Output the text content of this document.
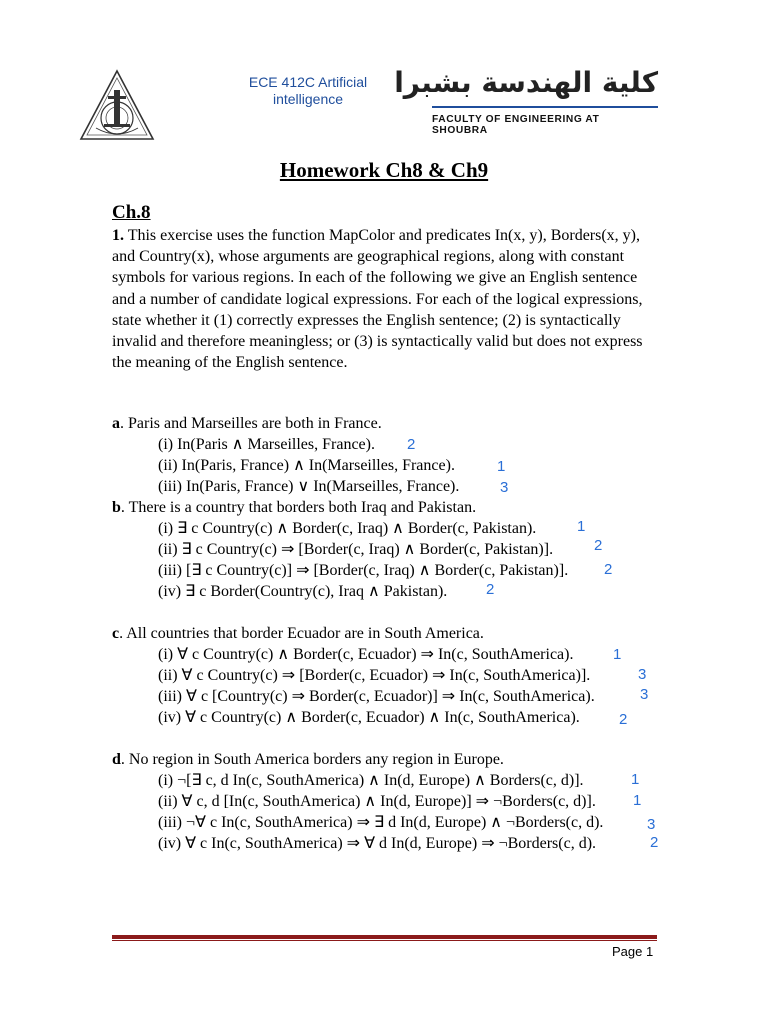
ECE 412C Artificial
intelligence	كلية الهندسة بشبرا
FACULTY OF ENGINEERING AT SHOUBRA
Homework Ch8 & Ch9
Ch.8
1. This exercise uses the function MapColor and predicates In(x, y), Borders(x, y), and Country(x), whose arguments are geographical regions, along with constant symbols for various regions. In each of the following we give an English sentence and a number of candidate logical expressions. For each of the logical expressions, state whether it (1) correctly expresses the English sentence; (2) is syntactically invalid and therefore meaningless; or (3) is syntactically valid but does not express the meaning of the English sentence.
a. Paris and Marseilles are both in France.
(i) In(Paris ∧ Marseilles, France). 2
(ii) In(Paris, France) ∧ In(Marseilles, France).	1
(iii) In(Paris, France) ∨ In(Marseilles, France).	3
b. There is a country that borders both Iraq and Pakistan.
(i) ∃ c Country(c) ∧ Border(c, Iraq) ∧ Border(c, Pakistan).	1
(ii) ∃ c Country(c) ⇒ [Border(c, Iraq) ∧ Border(c, Pakistan)].	2
(iii) [∃ c Country(c)] ⇒ [Border(c, Iraq) ∧ Border(c, Pakistan)]. 2
(iv) ∃ c Border(Country(c), Iraq ∧ Pakistan).	2
c. All countries that border Ecuador are in South America.
(i) ∀ c Country(c) ∧ Border(c, Ecuador) ⇒ In(c, SouthAmerica).	1
(ii) ∀ c Country(c) ⇒ [Border(c, Ecuador) ⇒ In(c, SouthAmerica)].	3
(iii) ∀ c [Country(c) ⇒ Border(c, Ecuador)] ⇒ In(c, SouthAmerica).	3
(iv) ∀ c Country(c) ∧ Border(c, Ecuador) ∧ In(c, SouthAmerica).	2
d. No region in South America borders any region in Europe.
(i) ¬[∃ c, d In(c, SouthAmerica) ∧ In(d, Europe) ∧ Borders(c, d)].	1
(ii) ∀ c, d [In(c, SouthAmerica) ∧ In(d, Europe)] ⇒ ¬Borders(c, d)]. 1
(iii) ¬∀ c In(c, SouthAmerica) ⇒ ∃ d In(d, Europe) ∧ ¬Borders(c, d).	3
(iv) ∀ c In(c, SouthAmerica) ⇒ ∀ d In(d, Europe) ⇒ ¬Borders(c, d).	2
Page 1
